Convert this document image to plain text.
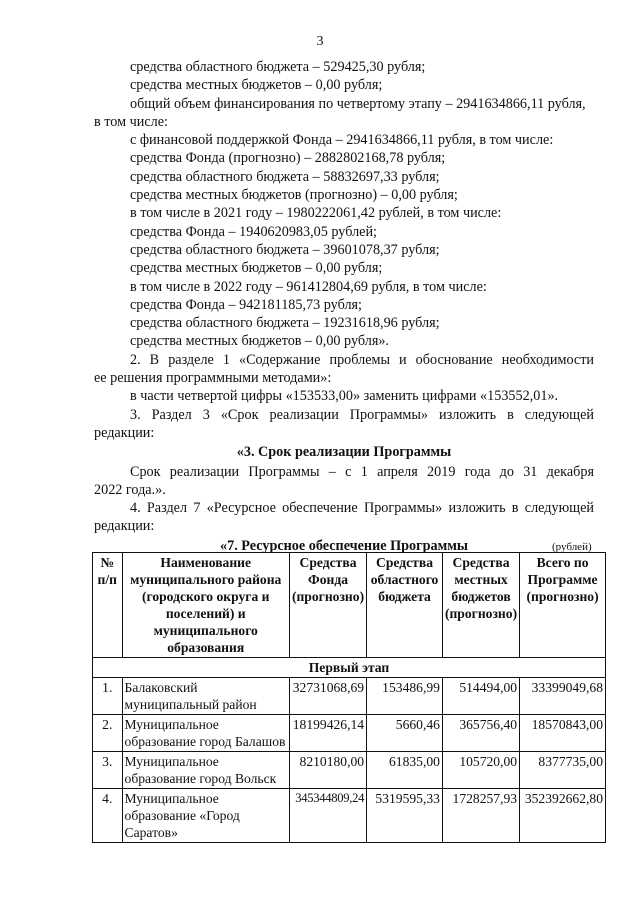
3
средства областного бюджета – 529425,30 рубля;
средства местных бюджетов – 0,00 рубля;
общий объем финансирования по четвертому этапу – 2941634866,11 рубля,
в том числе:
с финансовой поддержкой Фонда – 2941634866,11 рубля, в том числе:
средства Фонда (прогнозно) – 2882802168,78 рубля;
средства областного бюджета – 58832697,33 рубля;
средства местных бюджетов (прогнозно) – 0,00 рубля;
в том числе в 2021 году – 1980222061,42 рублей, в том числе:
средства Фонда – 1940620983,05 рублей;
средства областного бюджета – 39601078,37 рубля;
средства местных бюджетов – 0,00 рубля;
в том числе в 2022 году – 961412804,69 рубля, в том числе:
средства Фонда – 942181185,73 рубля;
средства областного бюджета – 19231618,96 рубля;
средства местных бюджетов – 0,00 рубля».
2. В разделе 1 «Содержание проблемы и обоснование необходимости
ее решения программными методами»:
в части четвертой цифры «153533,00» заменить цифрами «153552,01».
3. Раздел 3 «Срок реализации Программы» изложить в следующей
редакции:
«3. Срок реализации Программы
Срок реализации Программы – с 1 апреля 2019 года до 31 декабря
2022 года.».
4. Раздел 7 «Ресурсное обеспечение Программы» изложить в следующей
редакции:
«7. Ресурсное обеспечение Программы	(рублей)
№ п/п	Наименование муниципального района (городского округа и поселений) и муниципального образования	Средства Фонда (прогнозно)	Средства областного бюджета	Средства местных бюджетов (прогнозно)	Всего по Программе (прогнозно)
Первый этап					
1.	Балаковский муниципальный район	32731068,69	153486,99	514494,00	33399049,68
2.	Муниципальное образование город Балашов	18199426,14	5660,46	365756,40	18570843,00
3.	Муниципальное образование город Вольск	8210180,00	61835,00	105720,00	8377735,00
4.	Муниципальное образование «Город Саратов»	345344809,24	5319595,33	1728257,93	352392662,80
